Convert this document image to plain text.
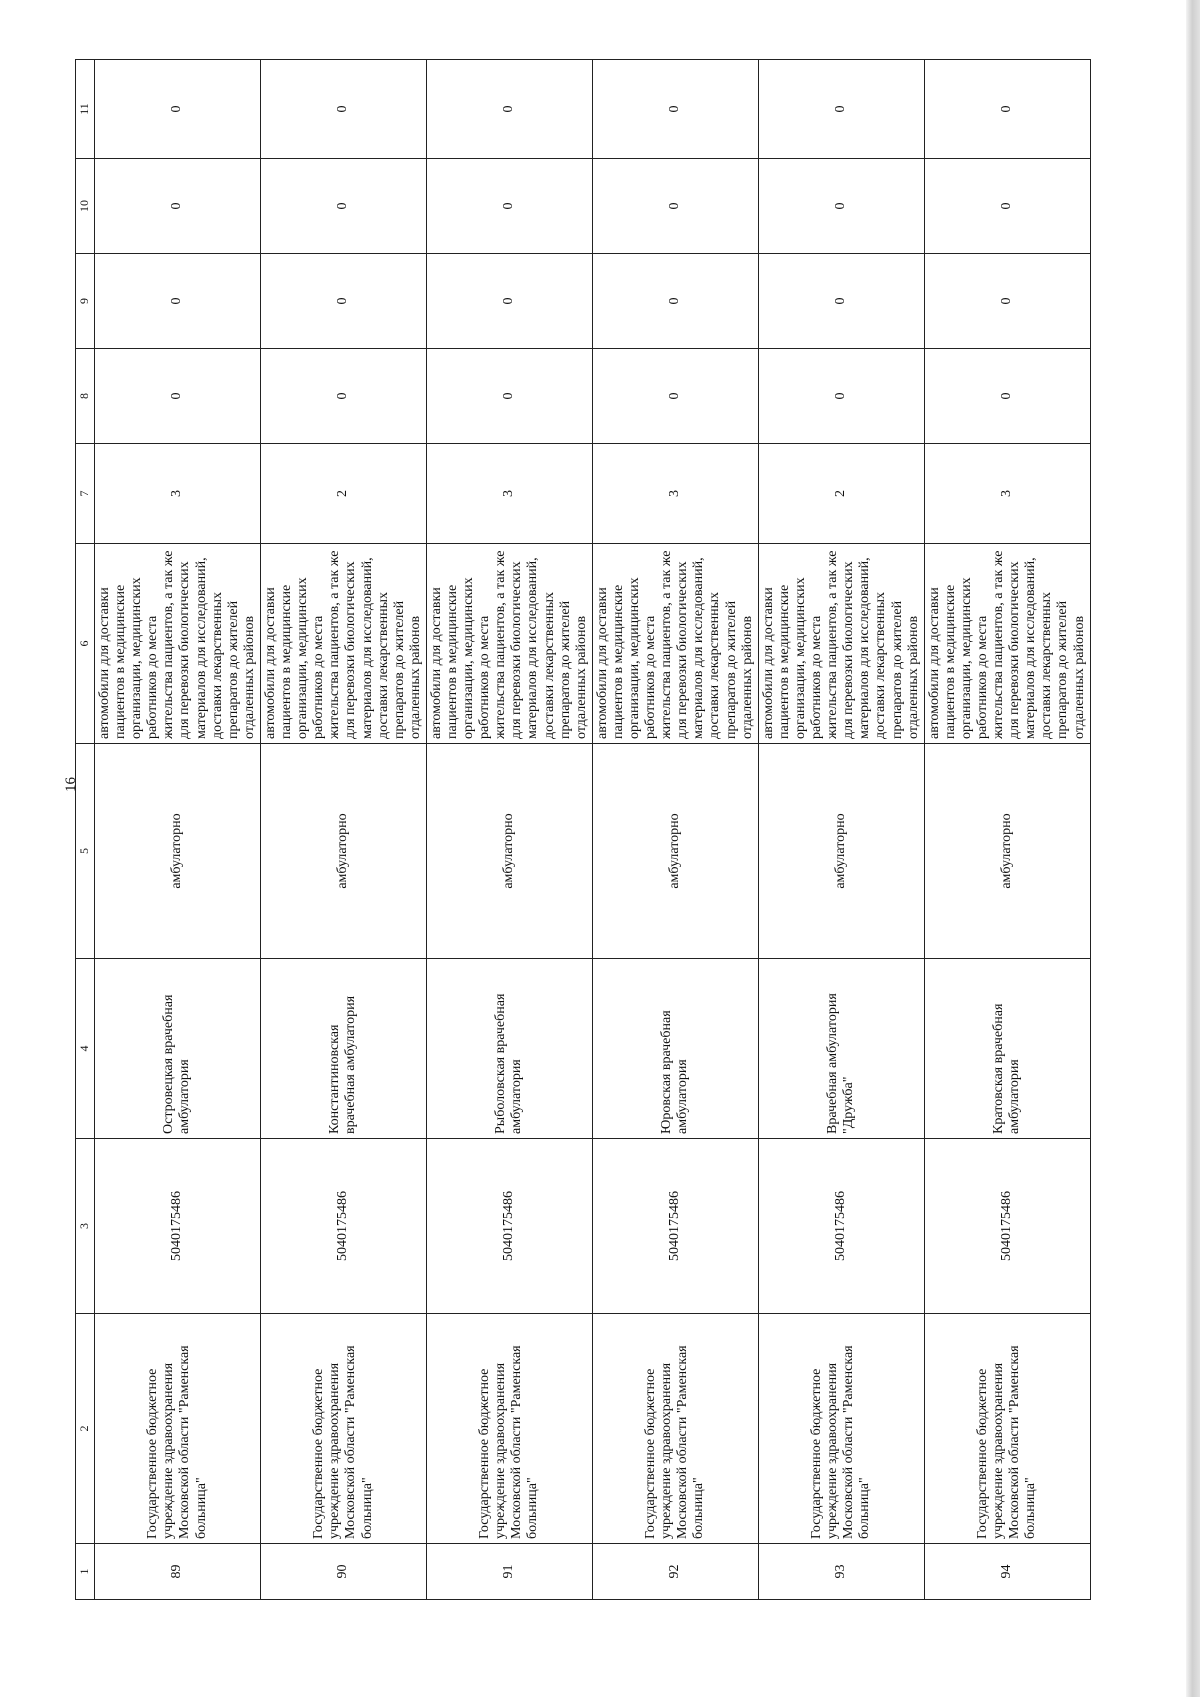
16
1	2	3	4	5	6	7	8	9	10	11
89	Государственное бюджетное учреждение здравоохранения Московской области "Раменская больница"	5040175486	Островецкая врачебная амбулатория	амбулаторно	автомобили для доставки пациентов в медицинские организации, медицинских работников до места жительства пациентов, а так же для перевозки биологических материалов для исследований, доставки лекарственных препаратов до жителей отдаленных районов	3	0	0	0	0
90	Государственное бюджетное учреждение здравоохранения Московской области "Раменская больница"	5040175486	Константиновская врачебная амбулатория	амбулаторно	автомобили для доставки пациентов в медицинские организации, медицинских работников до места жительства пациентов, а так же для перевозки биологических материалов для исследований, доставки лекарственных препаратов до жителей отдаленных районов	2	0	0	0	0
91	Государственное бюджетное учреждение здравоохранения Московской области "Раменская больница"	5040175486	Рыболовская врачебная амбулатория	амбулаторно	автомобили для доставки пациентов в медицинские организации, медицинских работников до места жительства пациентов, а так же для перевозки биологических материалов для исследований, доставки лекарственных препаратов до жителей отдаленных районов	3	0	0	0	0
92	Государственное бюджетное учреждение здравоохранения Московской области "Раменская больница"	5040175486	Юровская врачебная амбулатория	амбулаторно	автомобили для доставки пациентов в медицинские организации, медицинских работников до места жительства пациентов, а так же для перевозки биологических материалов для исследований, доставки лекарственных препаратов до жителей отдаленных районов	3	0	0	0	0
93	Государственное бюджетное учреждение здравоохранения Московской области "Раменская больница"	5040175486	Врачебная амбулатория "Дружба"	амбулаторно	автомобили для доставки пациентов в медицинские организации, медицинских работников до места жительства пациентов, а так же для перевозки биологических материалов для исследований, доставки лекарственных препаратов до жителей отдаленных районов	2	0	0	0	0
94	Государственное бюджетное учреждение здравоохранения Московской области "Раменская больница"	5040175486	Кратовская врачебная амбулатория	амбулаторно	автомобили для доставки пациентов в медицинские организации, медицинских работников до места жительства пациентов, а так же для перевозки биологических материалов для исследований, доставки лекарственных препаратов до жителей отдаленных районов	3	0	0	0	0
